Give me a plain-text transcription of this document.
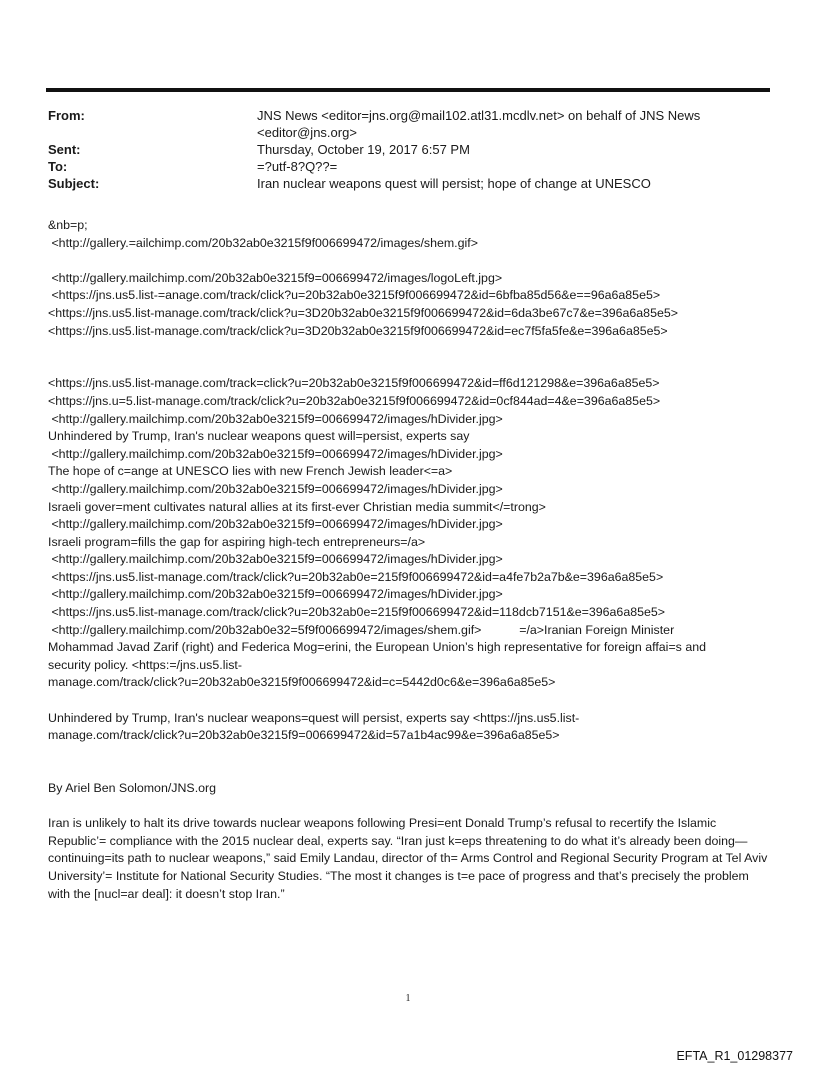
From:	JNS News <editor=jns.org@mail102.atl31.mcdlv.net> on behalf of JNS News <editor@jns.org>
Sent:	Thursday, October 19, 2017 6:57 PM
To:	=?utf-8?Q??=
Subject:	Iran nuclear weapons quest will persist; hope of change at UNESCO
&nb=p;
<http://gallery.=ailchimp.com/20b32ab0e3215f9f006699472/images/shem.gif>
<http://gallery.mailchimp.com/20b32ab0e3215f9=006699472/images/logoLeft.jpg>
<https://jns.us5.list-=anage.com/track/click?u=20b32ab0e3215f9f006699472&id=6bfba85d56&e==96a6a85e5>
<https://jns.us5.list-manage.com/track/click?u=3D20b32ab0e3215f9f006699472&id=6da3be67c7&e=396a6a85e5>
<https://jns.us5.list-manage.com/track/click?u=3D20b32ab0e3215f9f006699472&id=ec7f5fa5fe&e=396a6a85e5>
<https://jns.us5.list-manage.com/track=click?u=20b32ab0e3215f9f006699472&id=ff6d121298&e=396a6a85e5>
<https://jns.u=5.list-manage.com/track/click?u=20b32ab0e3215f9f006699472&id=0cf844ad=4&e=396a6a85e5>
<http://gallery.mailchimp.com/20b32ab0e3215f9=006699472/images/hDivider.jpg>
Unhindered by Trump, Iran's nuclear weapons quest will=persist, experts say
<http://gallery.mailchimp.com/20b32ab0e3215f9=006699472/images/hDivider.jpg>
The hope of c=ange at UNESCO lies with new French Jewish leader<=a>
<http://gallery.mailchimp.com/20b32ab0e3215f9=006699472/images/hDivider.jpg>
Israeli gover=ment cultivates natural allies at its first-ever Christian media summit</=trong>
<http://gallery.mailchimp.com/20b32ab0e3215f9=006699472/images/hDivider.jpg>
Israeli program=fills the gap for aspiring high-tech entrepreneurs=/a>
<http://gallery.mailchimp.com/20b32ab0e3215f9=006699472/images/hDivider.jpg>
<https://jns.us5.list-manage.com/track/click?u=20b32ab0e=215f9f006699472&id=a4fe7b2a7b&e=396a6a85e5>
<http://gallery.mailchimp.com/20b32ab0e3215f9=006699472/images/hDivider.jpg>
<https://jns.us5.list-manage.com/track/click?u=20b32ab0e=215f9f006699472&id=118dcb7151&e=396a6a85e5>
<http://gallery.mailchimp.com/20b32ab0e32=5f9f006699472/images/shem.gif>           =/a>Iranian Foreign Minister
Mohammad Javad Zarif (right) and Federica Mog=erini, the European Union’s high representative for foreign affai=s and
security policy. <https:=/jns.us5.list-
manage.com/track/click?u=20b32ab0e3215f9f006699472&id=c=5442d0c6&e=396a6a85e5>
Unhindered by Trump, Iran's nuclear weapons=quest will persist, experts say <https://jns.us5.list-
manage.com/track/click?u=20b32ab0e3215f9=006699472&id=57a1b4ac99&e=396a6a85e5>
By Ariel Ben Solomon/JNS.org
Iran is unlikely to halt its drive towards nuclear weapons following Presi=ent Donald Trump’s refusal to recertify the Islamic Republic’= compliance with the 2015 nuclear deal, experts say. “Iran just k=eps threatening to do what it’s already been doing—continuing=its path to nuclear weapons,” said Emily Landau, director of th= Arms Control and Regional Security Program at Tel Aviv University’= Institute for National Security Studies. “The most it changes is t=e pace of progress and that’s precisely the problem with the [nucl=ar deal]: it doesn’t stop Iran.”
1
EFTA_R1_01298377
